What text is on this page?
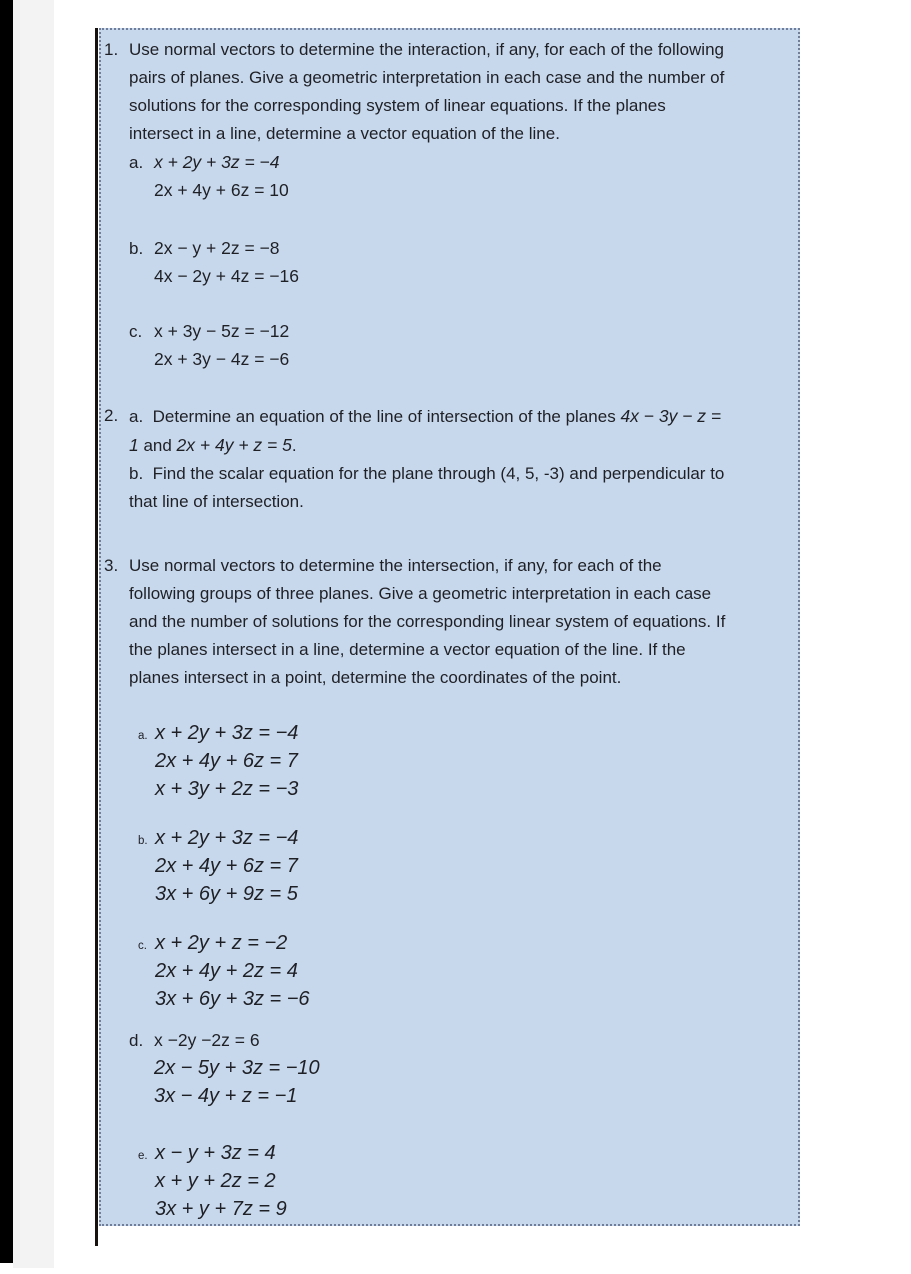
1. Use normal vectors to determine the interaction, if any, for each of the following
pairs of planes. Give a geometric interpretation in each case and the number of
solutions for the corresponding system of linear equations. If the planes
intersect in a line, determine a vector equation of the line.
a. x + 2y + 3z = −4
2x + 4y + 6z = 10
b. 2x − y + 2z = −8
4x − 2y + 4z = −16
c. x + 3y − 5z = −12
2x + 3y − 4z = −6
2. a.  Determine an equation of the line of intersection of the planes 4x − 3y − z =
1 and 2x + 4y + z = 5.
b.  Find the scalar equation for the plane through (4, 5, -3) and perpendicular to
that line of intersection.
3. Use normal vectors to determine the intersection, if any, for each of the
following groups of three planes. Give a geometric interpretation in each case
and the number of solutions for the corresponding linear system of equations. If
the planes intersect in a line, determine a vector equation of the line. If the
planes intersect in a point, determine the coordinates of the point.
a. x + 2y + 3z = −4
2x + 4y + 6z = 7
x + 3y + 2z = −3
b. x + 2y + 3z = −4
2x + 4y + 6z = 7
3x + 6y + 9z = 5
c. x + 2y + z = −2
2x + 4y + 2z = 4
3x + 6y + 3z = −6
d. x −2y −2z = 6
2x − 5y + 3z = −10
3x − 4y + z = −1
e. x − y + 3z = 4
x + y + 2z = 2
3x + y + 7z = 9
